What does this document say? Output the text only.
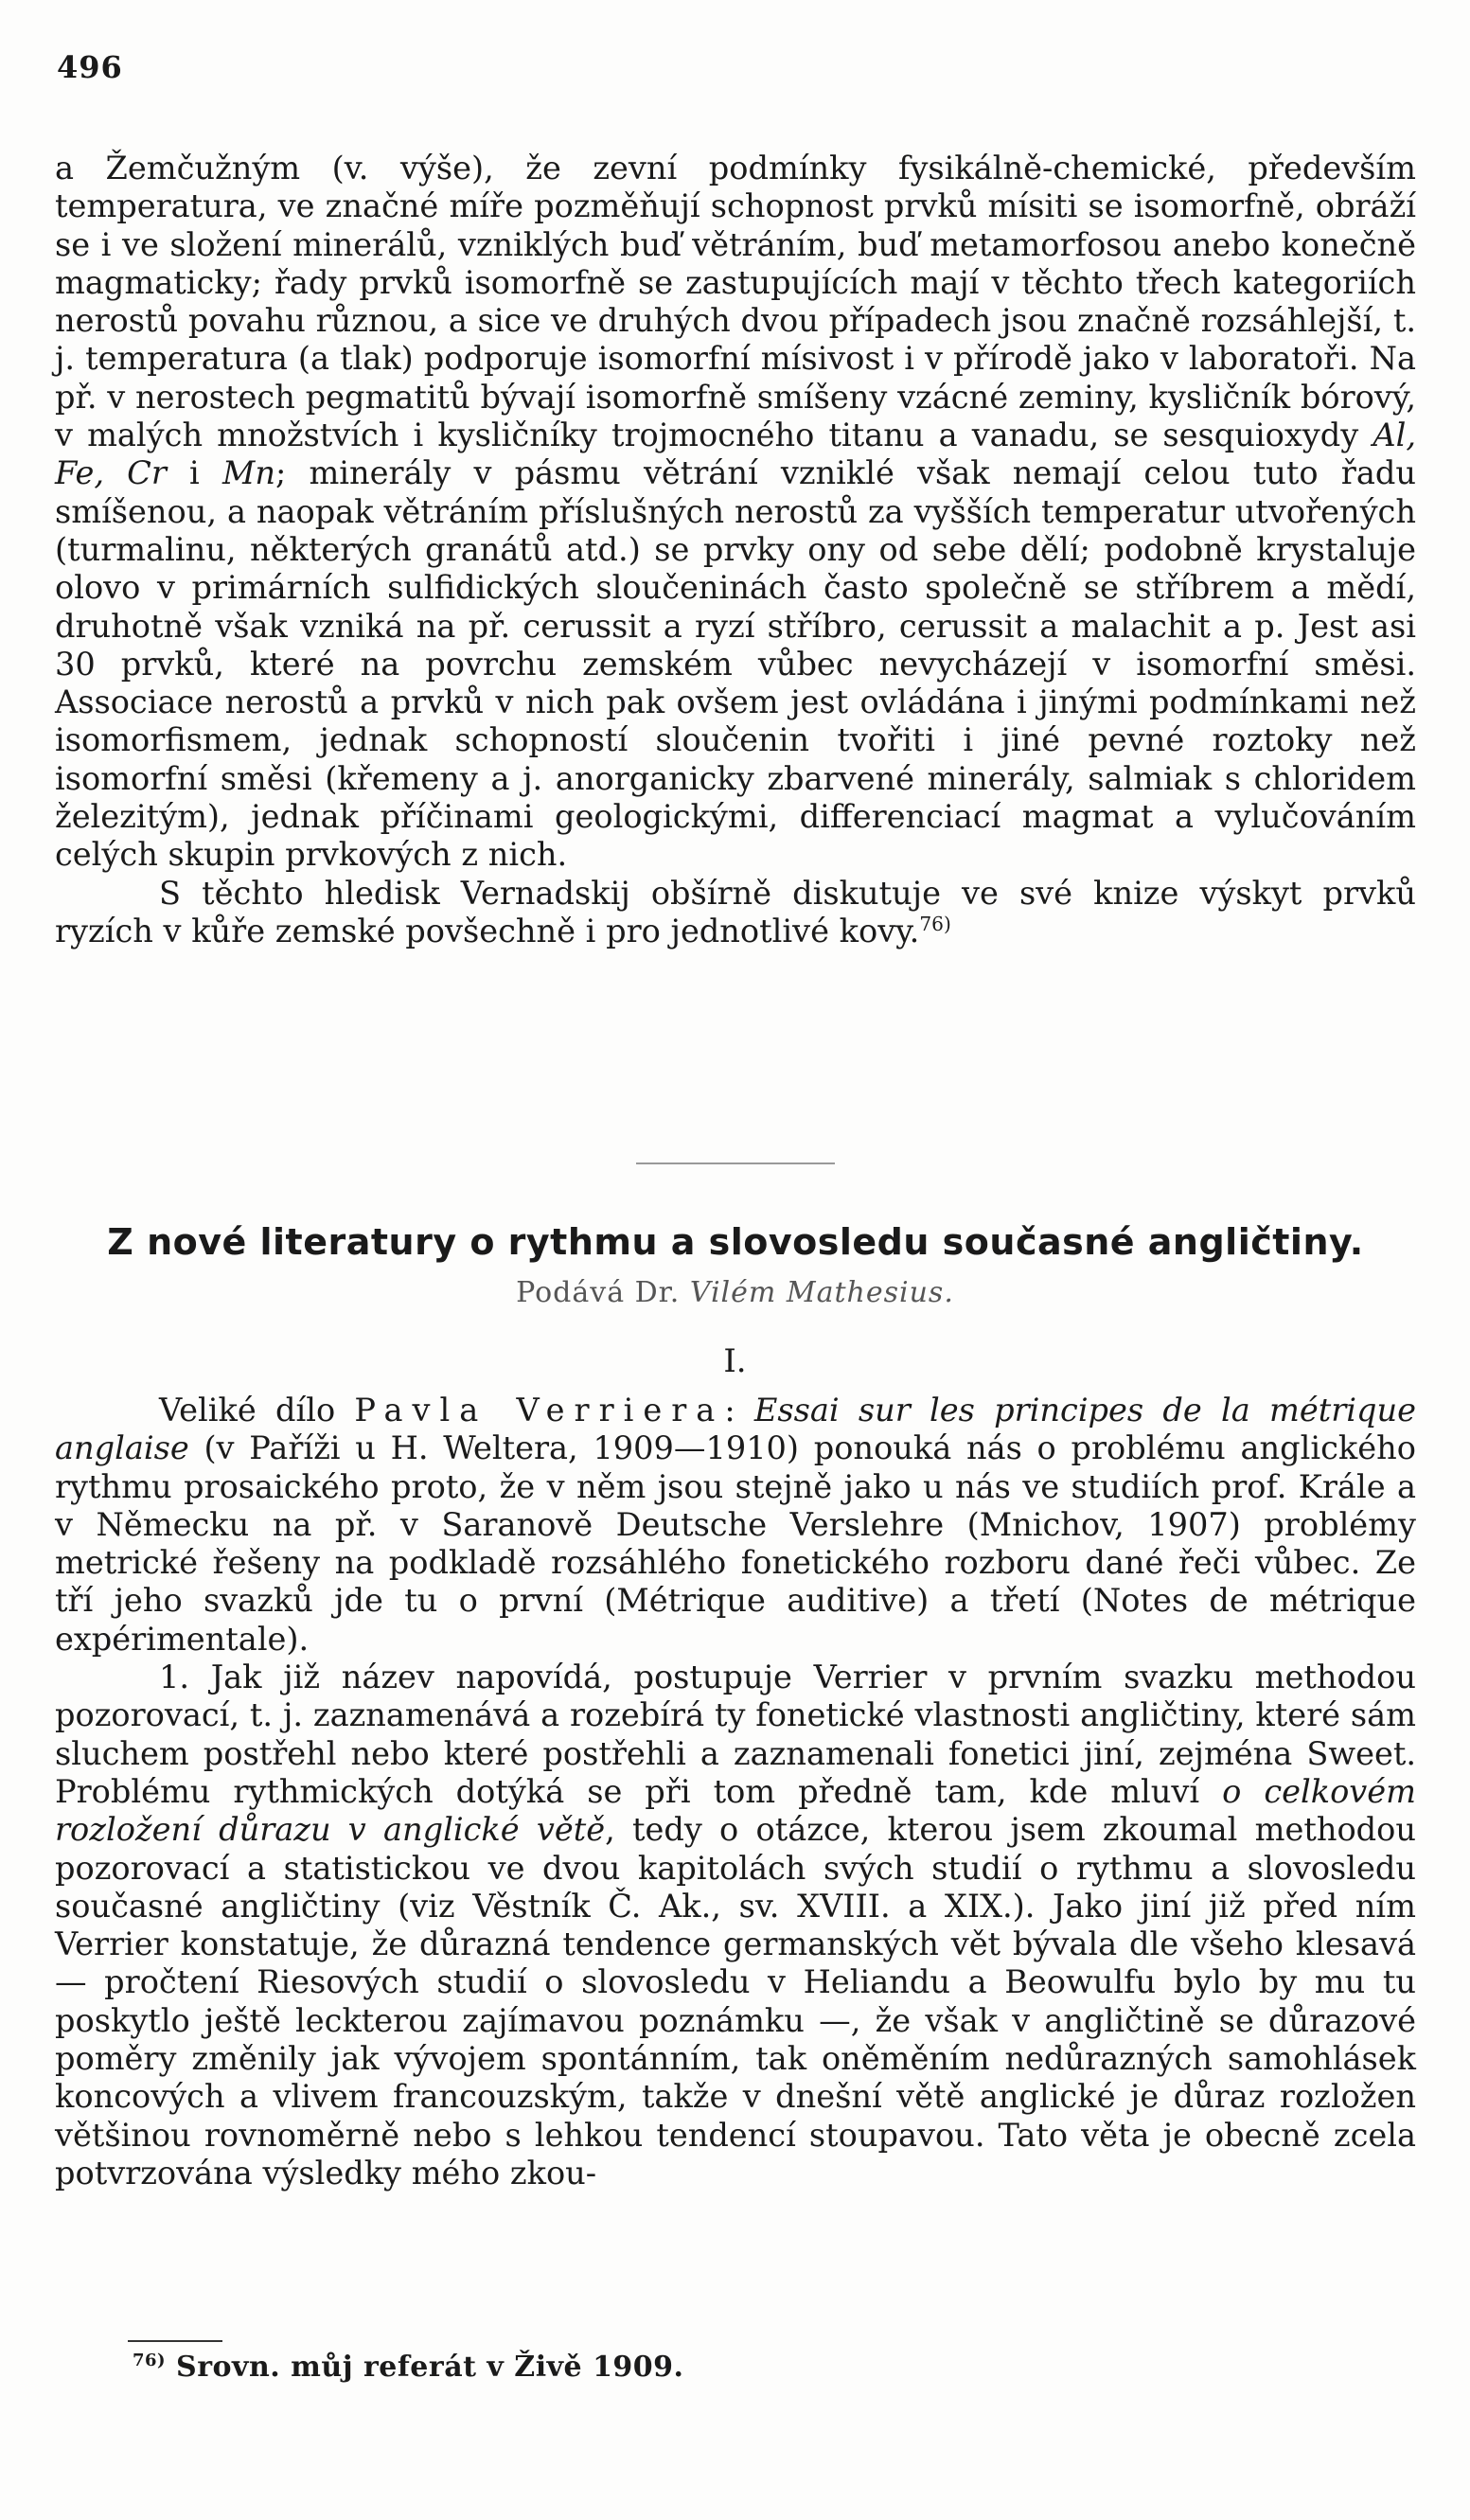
496

a Žemčužným (v. výše), že zevní podmínky fysikálně-chemické, především temperatura, ve značné míře pozměňují schopnost prvků mísiti se isomorfně, obráží se i ve složení minerálů, vzniklých buď větráním, buď metamorfosou anebo konečně magmaticky; řady prvků isomorfně se zastupujících mají v těchto třech kategoriích nerostů povahu různou, a sice ve druhých dvou případech jsou značně rozsáhlejší, t. j. temperatura (a tlak) podporuje isomorfní mísivost i v přírodě jako v laboratoři. Na př. v nerostech pegmatitů bývají isomorfně smíšeny vzácné zeminy, kysličník bórový, v malých množstvích i kysličníky trojmocného titanu a vanadu, se sesquioxydy Al, Fe, Cr i Mn; minerály v pásmu větrání vzniklé však nemají celou tuto řadu smíšenou, a naopak větráním příslušných nerostů za vyšších temperatur utvořených (turmalinu, některých granátů atd.) se prvky ony od sebe dělí; podobně krystaluje olovo v primárních sulfidických sloučeninách často společně se stříbrem a mědí, druhotně však vzniká na př. cerussit a ryzí stříbro, cerussit a malachit a p. Jest asi 30 prvků, které na povrchu zemském vůbec nevycházejí v isomorfní směsi. Associace nerostů a prvků v nich pak ovšem jest ovládána i jinými podmínkami než isomorfismem, jednak schopností sloučenin tvořiti i jiné pevné roztoky než isomorfní směsi (křemeny a j. anorganicky zbarvené minerály, salmiak s chloridem železitým), jednak příčinami geologickými, differenciací magmat a vylučováním celých skupin prvkových z nich.

S těchto hledisk Vernadskij obšírně diskutuje ve své knize výskyt prvků ryzích v kůře zemské povšechně i pro jednotlivé kovy.$^{76)}$

Z nové literatury o rythmu a slovosledu současné angličtiny.
Podává Dr. Vilém Mathesius.
I.

Veliké dílo Pavla Verriera: Essai sur les principes de la métrique anglaise (v Paříži u H. Weltera, 1909—1910) ponouká nás o problému anglického rythmu prosaického proto, že v něm jsou stejně jako u nás ve studiích prof. Krále a v Německu na př. v Saranově Deutsche Verslehre (Mnichov, 1907) problémy metrické řešeny na podkladě rozsáhlého fonetického rozboru dané řeči vůbec. Ze tří jeho svazků jde tu o první (Métrique auditive) a třetí (Notes de métrique expérimentale).

1. Jak již název napovídá, postupuje Verrier v prvním svazku methodou pozorovací, t. j. zaznamenává a rozebírá ty fonetické vlastnosti angličtiny, které sám sluchem postřehl nebo které postřehli a zaznamenali fonetici jiní, zejména Sweet. Problému rythmických dotýká se při tom předně tam, kde mluví o celkovém rozložení důrazu v anglické větě, tedy o otázce, kterou jsem zkoumal methodou pozorovací a statistickou ve dvou kapitolách svých studií o rythmu a slovosledu současné angličtiny (viz Věstník Č. Ak., sv. XVIII. a XIX.). Jako jiní již před ním Verrier konstatuje, že důrazná tendence germanských vět bývala dle všeho klesavá — pročtení Riesových studií o slovosledu v Heliandu a Beowulfu bylo by mu tu poskytlo ještě leckterou zajímavou poznámku —, že však v angličtině se důrazové poměry změnily jak vývojem spontánním, tak oněměním nedůrazných samohlásek koncových a vlivem francouzským, takže v dnešní větě anglické je důraz rozložen většinou rovnoměrně nebo s lehkou tendencí stoupavou. Tato věta je obecně zcela potvrzována výsledky mého zkou-

$^{76)}$ Srovn. můj referát v Živě 1909.
